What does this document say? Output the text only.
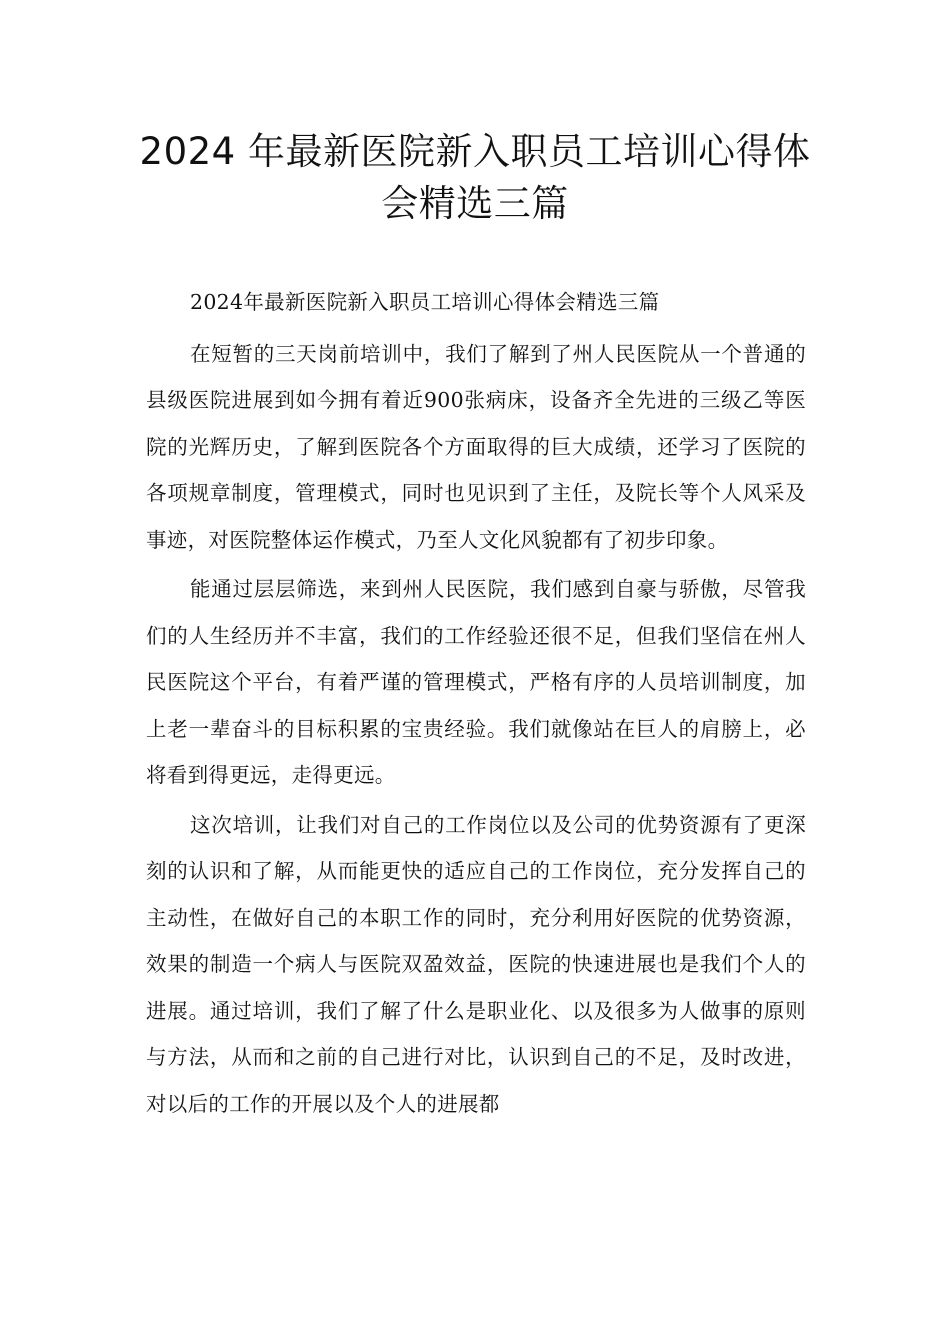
2024 年最新医院新入职员工培训心得体
会精选三篇

2024年最新医院新入职员工培训心得体会精选三篇

在短暂的三天岗前培训中，我们了解到了州人民医院从一个普通的县级医院进展到如今拥有着近900张病床，设备齐全先进的三级乙等医院的光辉历史，了解到医院各个方面取得的巨大成绩，还学习了医院的各项规章制度，管理模式，同时也见识到了主任，及院长等个人风采及事迹，对医院整体运作模式，乃至人文化风貌都有了初步印象。

能通过层层筛选，来到州人民医院，我们感到自豪与骄傲，尽管我们的人生经历并不丰富，我们的工作经验还很不足，但我们坚信在州人民医院这个平台，有着严谨的管理模式，严格有序的人员培训制度，加上老一辈奋斗的目标积累的宝贵经验。我们就像站在巨人的肩膀上，必将看到得更远，走得更远。

这次培训，让我们对自己的工作岗位以及公司的优势资源有了更深刻的认识和了解，从而能更快的适应自己的工作岗位，充分发挥自己的主动性，在做好自己的本职工作的同时，充分利用好医院的优势资源，效果的制造一个病人与医院双盈效益，医院的快速进展也是我们个人的进展。通过培训，我们了解了什么是职业化、以及很多为人做事的原则与方法，从而和之前的自己进行对比，认识到自己的不足，及时改进，对以后的工作的开展以及个人的进展都
